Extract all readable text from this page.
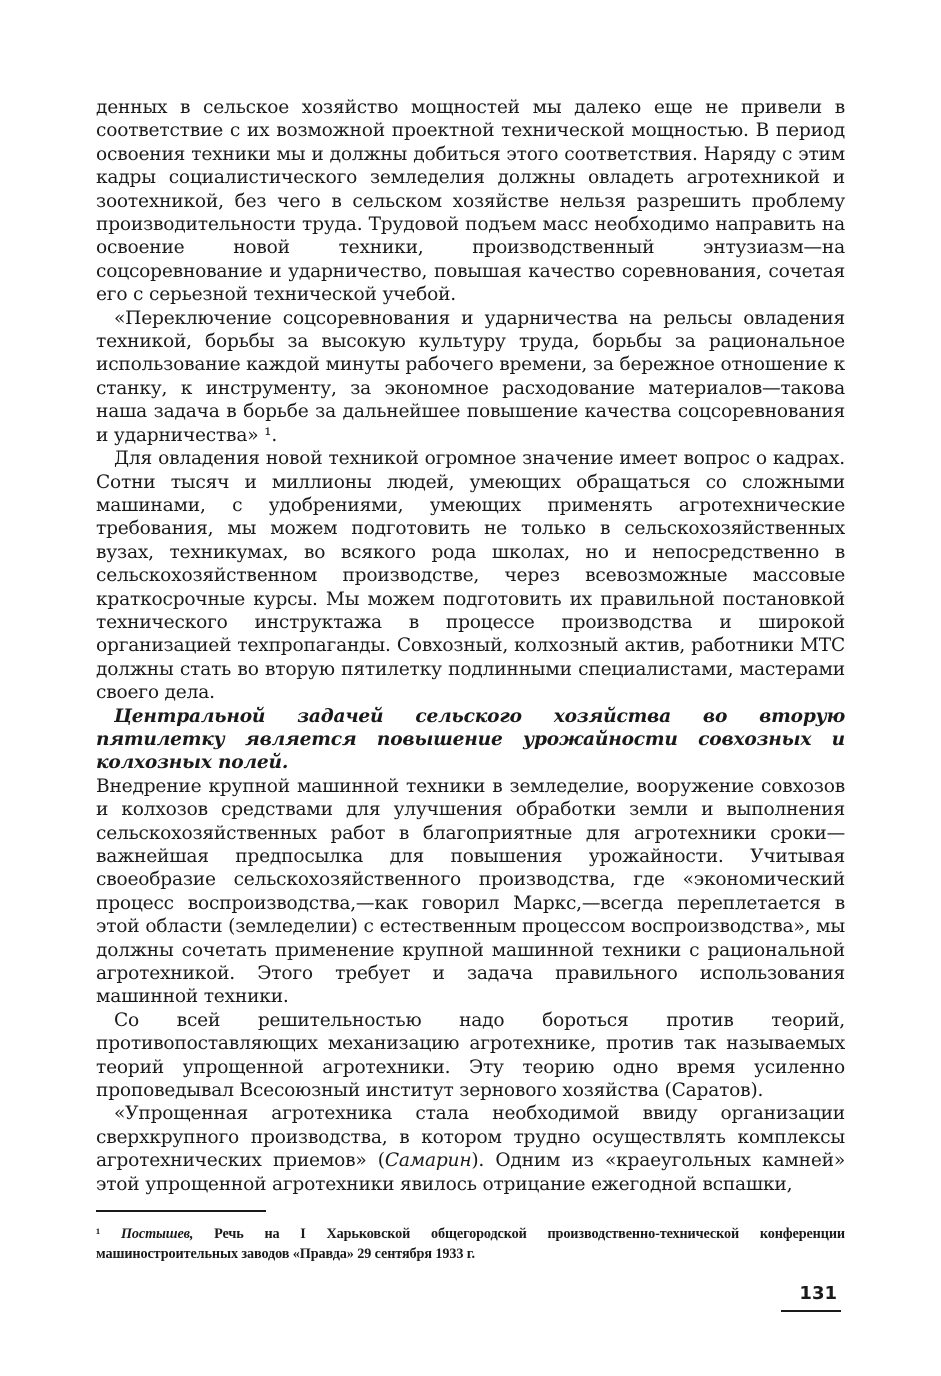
денных в сельское хозяйство мощностей мы далеко еще не привели в соответствие с их возможной проектной технической мощностью. В период освоения техники мы и должны добиться этого соответствия. Наряду с этим кадры социалистического земледелия должны овладеть агротехникой и зоотехникой, без чего в сельском хозяйстве нельзя разрешить проблему производительности труда. Трудовой подъем масс необходимо направить на освоение новой техники, производственный энтузиазм—на соцсоревнование и ударничество, повышая качество соревнования, сочетая его с серьезной технической учебой.

«Переключение соцсоревнования и ударничества на рельсы овладения техникой, борьбы за высокую культуру труда, борьбы за рациональное использование каждой минуты рабочего времени, за бережное отношение к станку, к инструменту, за экономное расходование материалов—такова наша задача в борьбе за дальнейшее повышение качества соцсоревнования и ударничества» ¹.

Для овладения новой техникой огромное значение имеет вопрос о кадрах. Сотни тысяч и миллионы людей, умеющих обращаться со сложными машинами, с удобрениями, умеющих применять агротехнические требования, мы можем подготовить не только в сельскохозяйственных вузах, техникумах, во всякого рода школах, но и непосредственно в сельскохозяйственном производстве, через всевозможные массовые краткосрочные курсы. Мы можем подготовить их правильной постановкой технического инструктажа в процессе производства и широкой организацией техпропаганды. Совхозный, колхозный актив, работники МТС должны стать во вторую пятилетку подлинными специалистами, мастерами своего дела.

Центральной задачей сельского хозяйства во вторую пятилетку является повышение урожайности совхозных и колхозных полей.

Внедрение крупной машинной техники в земледелие, вооружение совхозов и колхозов средствами для улучшения обработки земли и выполнения сельскохозяйственных работ в благоприятные для агротехники сроки—важнейшая предпосылка для повышения урожайности. Учитывая своеобразие сельскохозяйственного производства, где «экономический процесс воспроизводства,—как говорил Маркс,—всегда переплетается в этой области (земледелии) с естественным процессом воспроизводства», мы должны сочетать применение крупной машинной техники с рациональной агротехникой. Этого требует и задача правильного использования машинной техники.

Со всей решительностью надо бороться против теорий, противопоставляющих механизацию агротехнике, против так называемых теорий упрощенной агротехники. Эту теорию одно время усиленно проповедывал Всесоюзный институт зернового хозяйства (Саратов).

«Упрощенная агротехника стала необходимой ввиду организации сверхкрупного производства, в котором трудно осуществлять комплексы агротехнических приемов» (Самарин). Одним из «краеугольных камней» этой упрощенной агротехники явилось отрицание ежегодной вспашки,

¹ Постышев, Речь на I Харьковской общегородской производственно-технической конференции машиностроительных заводов «Правда» 29 сентября 1933 г.
131
